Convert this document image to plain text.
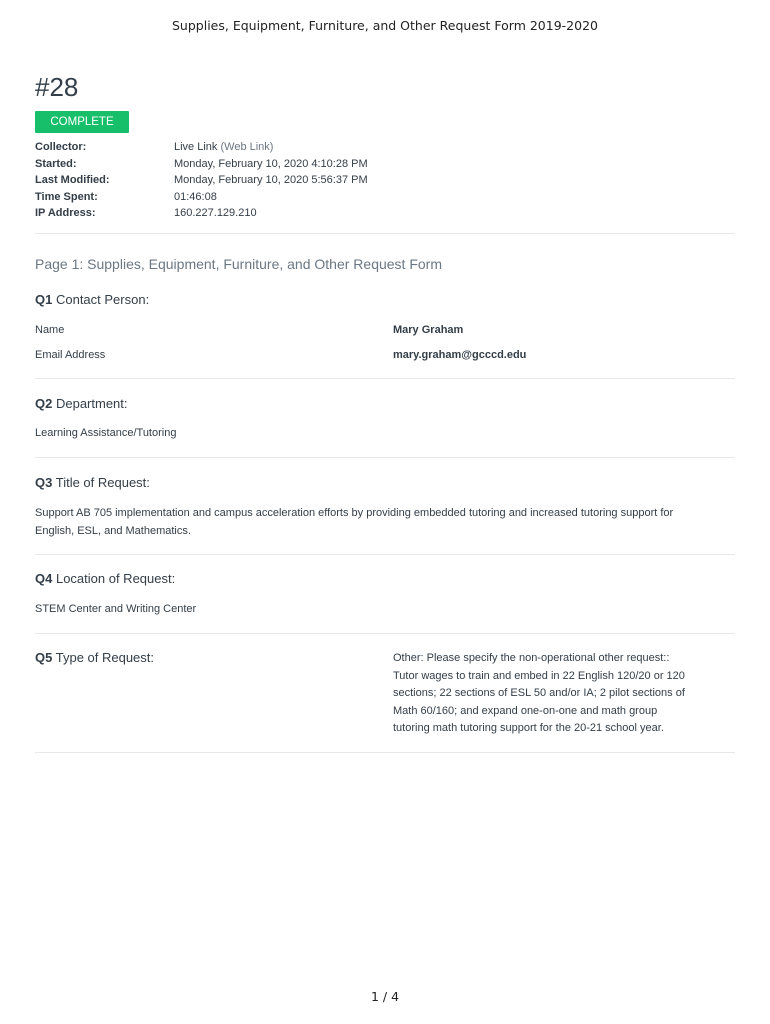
Supplies, Equipment, Furniture, and Other Request Form 2019-2020
#28
COMPLETE
Collector:	Live Link (Web Link)
Started:	Monday, February 10, 2020 4:10:28 PM
Last Modified:	Monday, February 10, 2020 5:56:37 PM
Time Spent:	01:46:08
IP Address:	160.227.129.210
Page 1: Supplies, Equipment, Furniture, and Other Request Form
Q1 Contact Person:
Name	Mary Graham
Email Address	mary.graham@gcccd.edu
Q2 Department:
Learning Assistance/Tutoring
Q3 Title of Request:
Support AB 705 implementation and campus acceleration efforts by providing embedded tutoring and increased tutoring support for
English, ESL, and Mathematics.
Q4 Location of Request:
STEM Center and Writing Center
Q5 Type of Request:	Other: Please specify the non-operational other request::
Tutor wages to train and embed in 22 English 120/20 or 120
sections; 22 sections of ESL 50 and/or IA; 2 pilot sections of
Math 60/160; and expand one-on-one and math group
tutoring math tutoring support for the 20-21 school year.
1 / 4
